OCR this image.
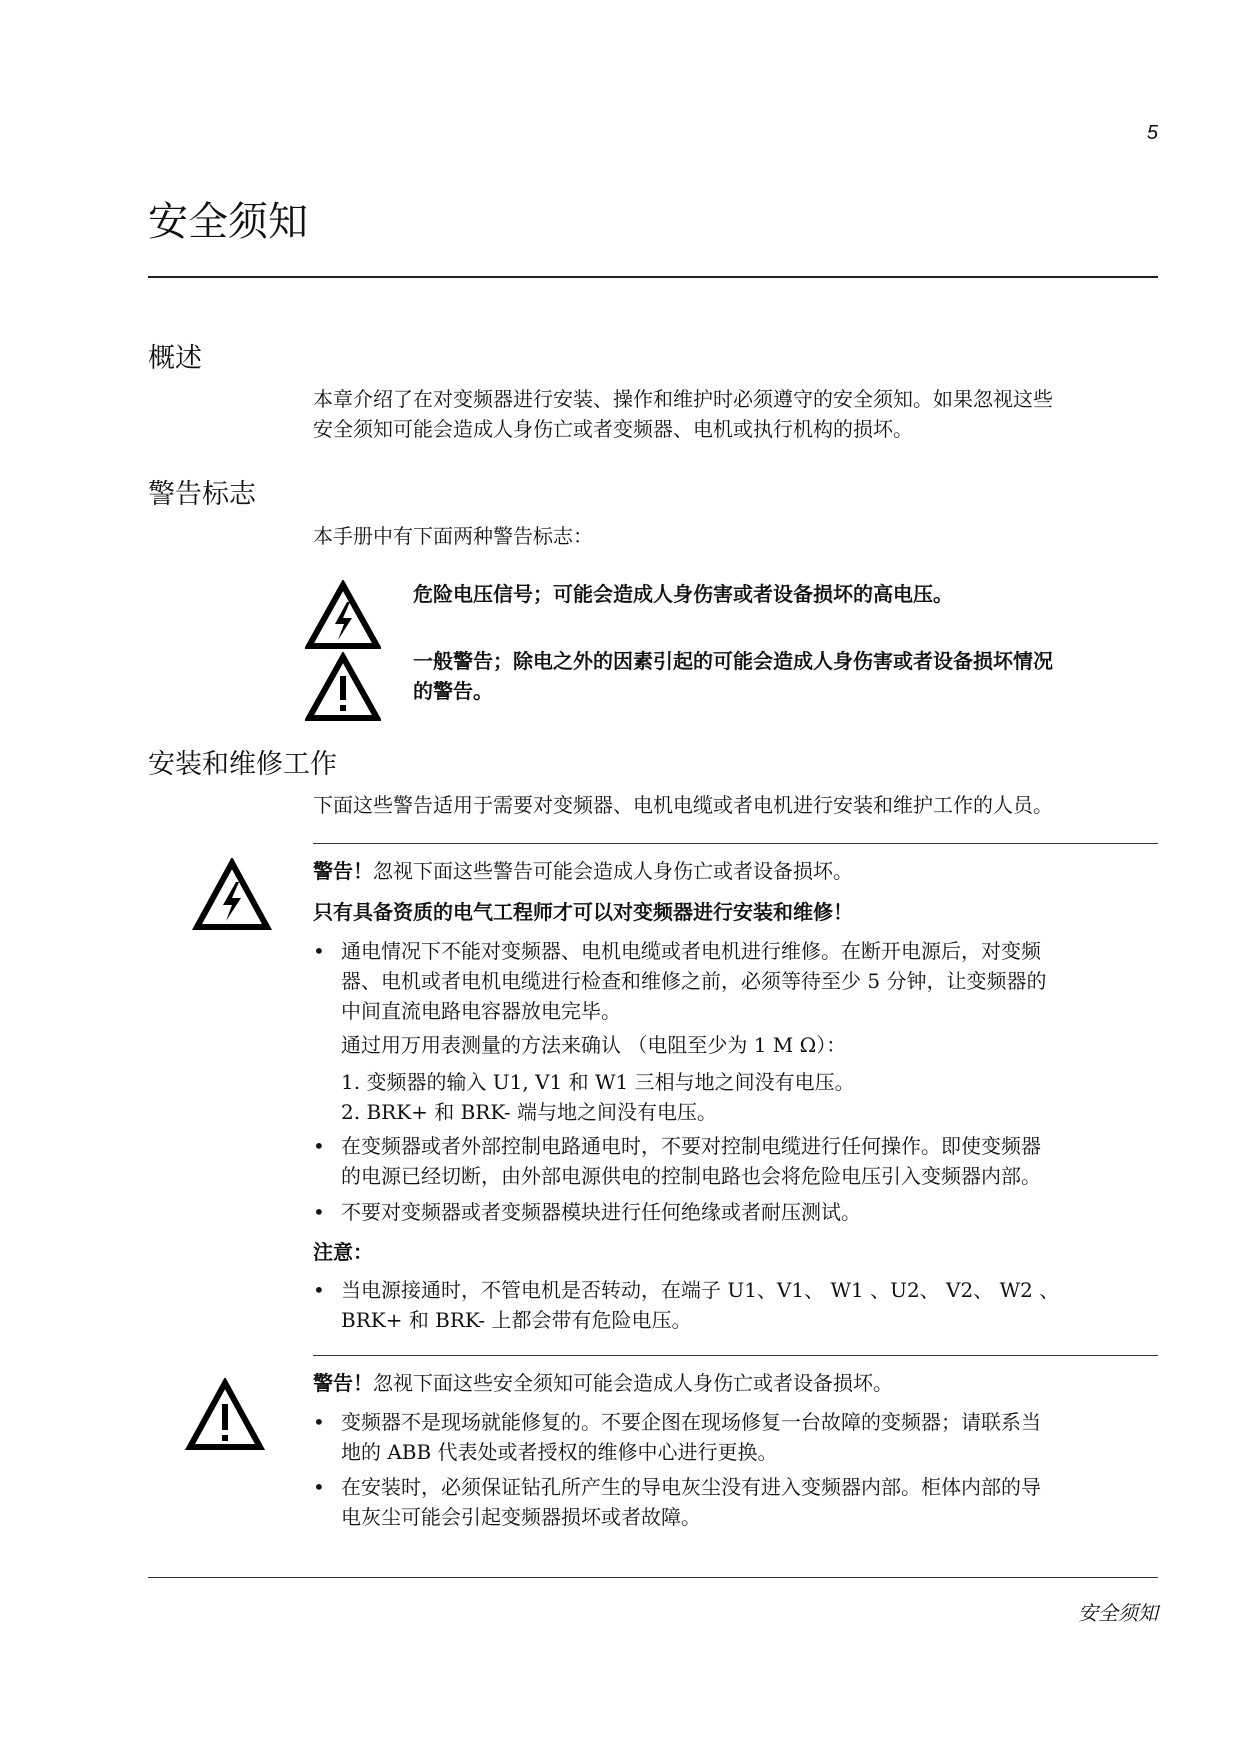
5
安全须知
概述
本章介绍了在对变频器进行安装、操作和维护时必须遵守的安全须知。如果忽视这些
安全须知可能会造成人身伤亡或者变频器、电机或执行机构的损坏。
警告标志
本手册中有下面两种警告标志：
危险电压信号；可能会造成人身伤害或者设备损坏的高电压。
一般警告；除电之外的因素引起的可能会造成人身伤害或者设备损坏情况
的警告。
安装和维修工作
下面这些警告适用于需要对变频器、电机电缆或者电机进行安装和维护工作的人员。
警告！忽视下面这些警告可能会造成人身伤亡或者设备损坏。
只有具备资质的电气工程师才可以对变频器进行安装和维修！
• 通电情况下不能对变频器、电机电缆或者电机进行维修。在断开电源后，对变频
器、电机或者电机电缆进行检查和维修之前，必须等待至少 5 分钟，让变频器的
中间直流电路电容器放电完毕。
通过用万用表测量的方法来确认 （电阻至少为 1 M Ω）：
1. 变频器的输入 U1, V1 和 W1 三相与地之间没有电压。
2. BRK+ 和 BRK- 端与地之间没有电压。
• 在变频器或者外部控制电路通电时，不要对控制电缆进行任何操作。即使变频器
的电源已经切断，由外部电源供电的控制电路也会将危险电压引入变频器内部。
• 不要对变频器或者变频器模块进行任何绝缘或者耐压测试。
注意：
• 当电源接通时，不管电机是否转动，在端子 U1、V1、 W1 、U2、 V2、 W2 、
BRK+ 和 BRK- 上都会带有危险电压。
警告！忽视下面这些安全须知可能会造成人身伤亡或者设备损坏。
• 变频器不是现场就能修复的。不要企图在现场修复一台故障的变频器；请联系当
地的 ABB 代表处或者授权的维修中心进行更换。
• 在安装时，必须保证钻孔所产生的导电灰尘没有进入变频器内部。柜体内部的导
电灰尘可能会引起变频器损坏或者故障。
安全须知
